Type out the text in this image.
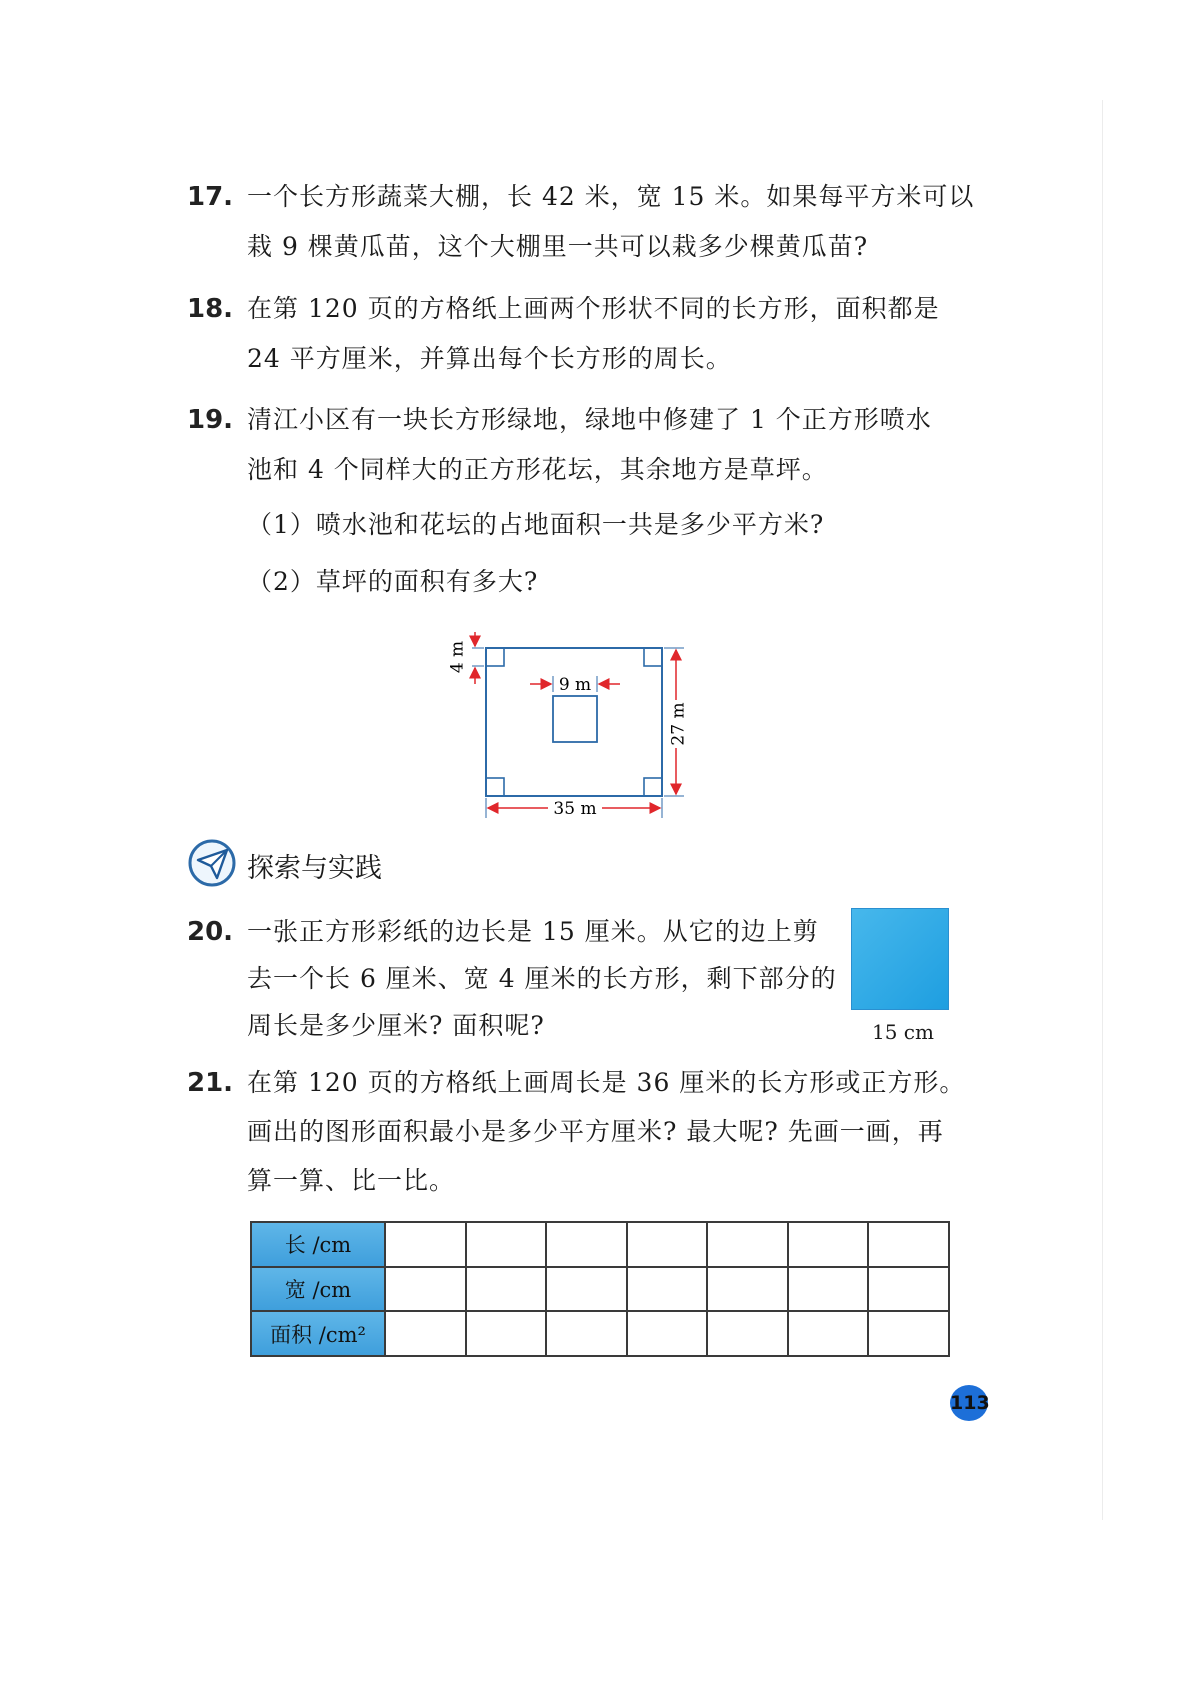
17. 一个长方形蔬菜大棚，长 42 米，宽 15 米。如果每平方米可以
栽 9 棵黄瓜苗，这个大棚里一共可以栽多少棵黄瓜苗?
18. 在第 120 页的方格纸上画两个形状不同的长方形，面积都是
24 平方厘米，并算出每个长方形的周长。
19. 清江小区有一块长方形绿地，绿地中修建了 1 个正方形喷水
池和 4 个同样大的正方形花坛，其余地方是草坪。
（1）喷水池和花坛的占地面积一共是多少平方米?
（2）草坪的面积有多大?
4 m
9 m
27 m
35 m
探索与实践
20. 一张正方形彩纸的边长是 15 厘米。从它的边上剪
去一个长 6 厘米、宽 4 厘米的长方形，剩下部分的
周长是多少厘米? 面积呢?	15 cm
21. 在第 120 页的方格纸上画周长是 36 厘米的长方形或正方形。
画出的图形面积最小是多少平方厘米? 最大呢? 先画一画，再
算一算、比一比。
长 /cm							
宽 /cm							
面积 /cm²							
113
